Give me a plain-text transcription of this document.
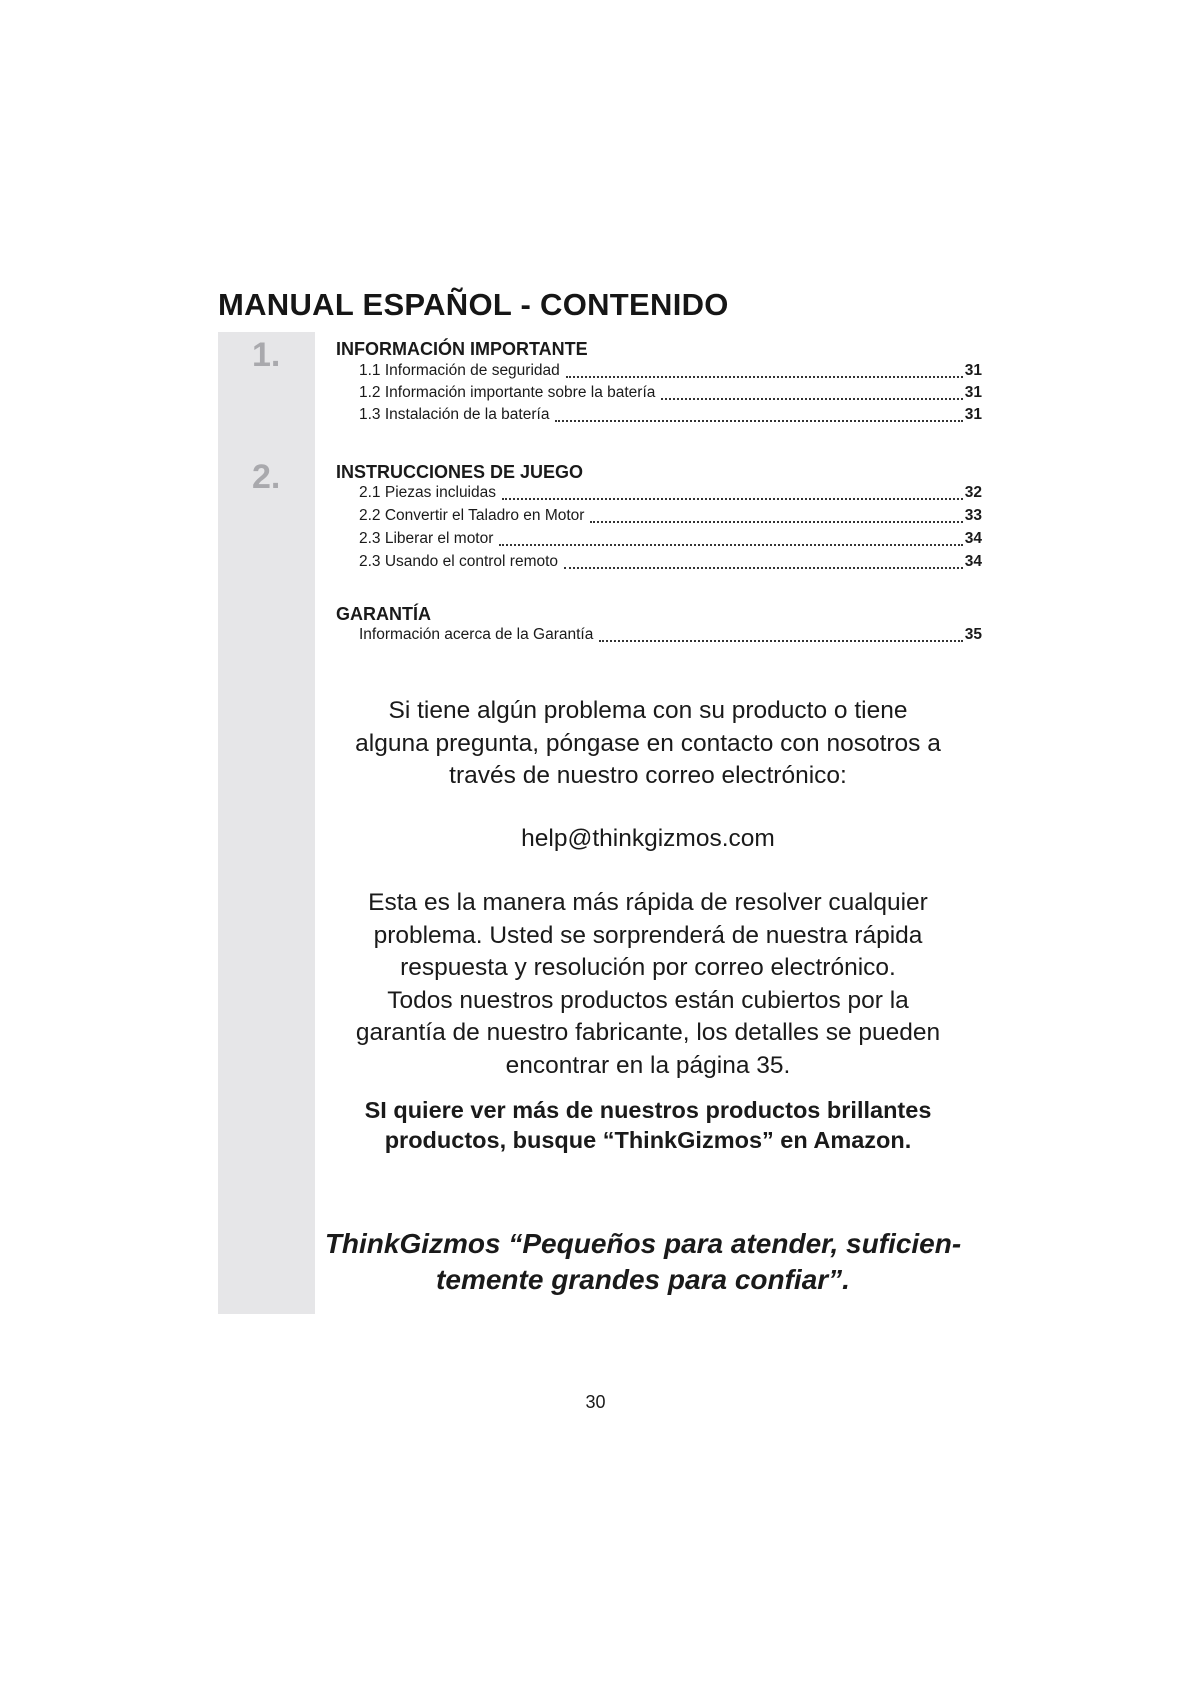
MANUAL ESPAÑOL - CONTENIDO
1.	INFORMACIÓN IMPORTANTE
1.1 Información de seguridad	31
1.2 Información importante sobre la batería	31
1.3 Instalación de la batería	31
2.	INSTRUCCIONES DE JUEGO
2.1 Piezas incluidas	32
2.2 Convertir el Taladro en Motor	33
2.3 Liberar el motor	34
2.3 Usando el control remoto	34
GARANTÍA
Información acerca de la Garantía	35

Si tiene algún problema con su producto o tiene

alguna pregunta, póngase en contacto con nosotros a

través de nuestro correo electrónico:

help@thinkgizmos.com

Esta es la manera más rápida de resolver cualquier

problema. Usted se sorprenderá de nuestra rápida

respuesta y resolución por correo electrónico.

Todos nuestros productos están cubiertos por la

garantía de nuestro fabricante, los detalles se pueden

encontrar en la página 35.

SI quiere ver más de nuestros productos brillantes

productos, busque “ThinkGizmos” en Amazon.

ThinkGizmos “Pequeños para atender, suficien-
temente grandes para confiar”.
30
